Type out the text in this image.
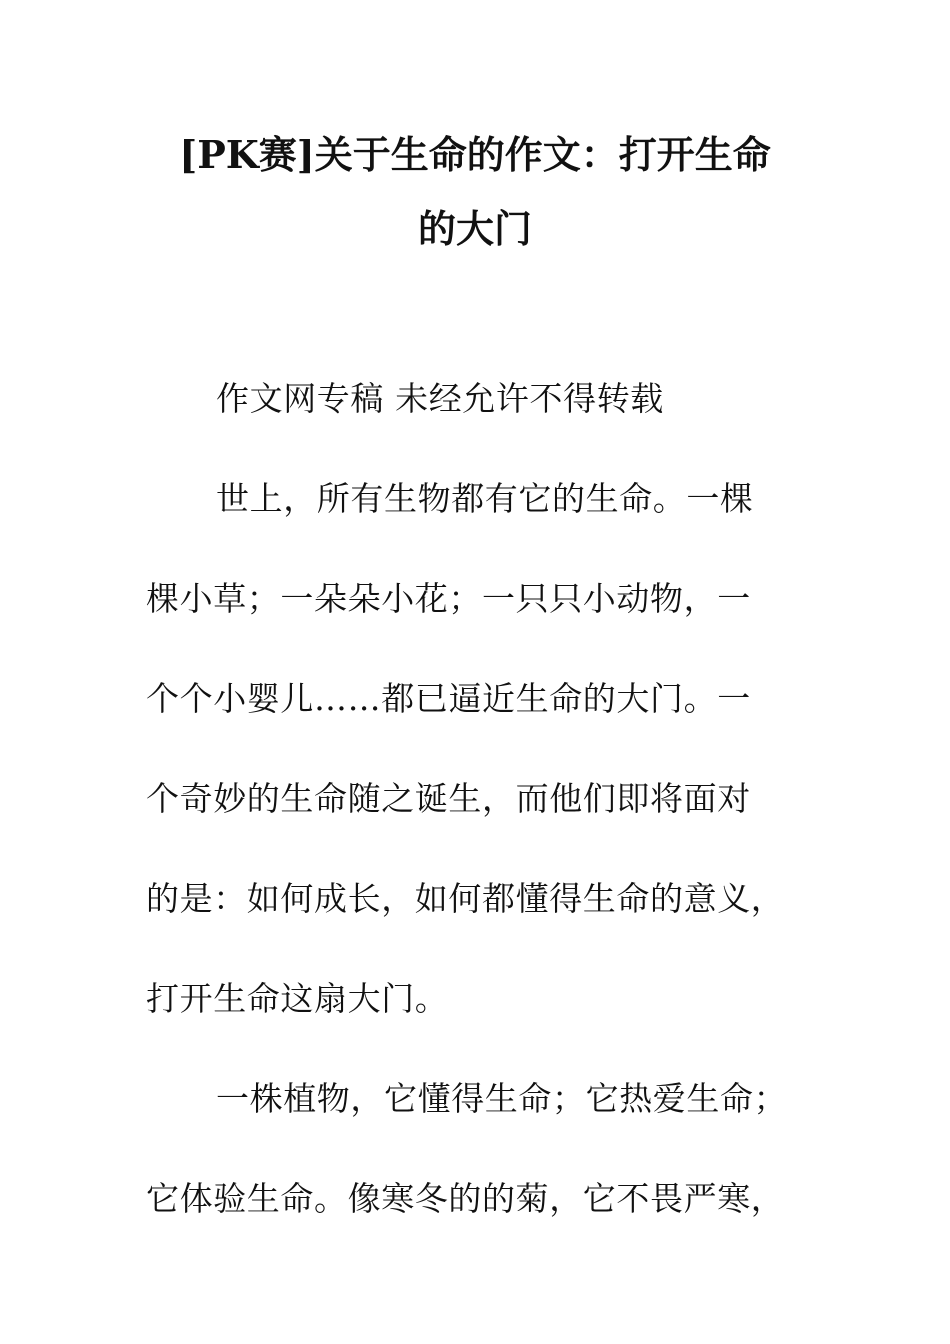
[PK赛]关于生命的作文：打开生命
的大门
作文网专稿 未经允许不得转载
世上，所有生物都有它的生命。一棵
棵小草；一朵朵小花；一只只小动物，一
个个小婴儿……都已逼近生命的大门。一
个奇妙的生命随之诞生，而他们即将面对
的是：如何成长，如何都懂得生命的意义，
打开生命这扇大门。
一株植物，它懂得生命；它热爱生命；
它体验生命。像寒冬的的菊，它不畏严寒，
